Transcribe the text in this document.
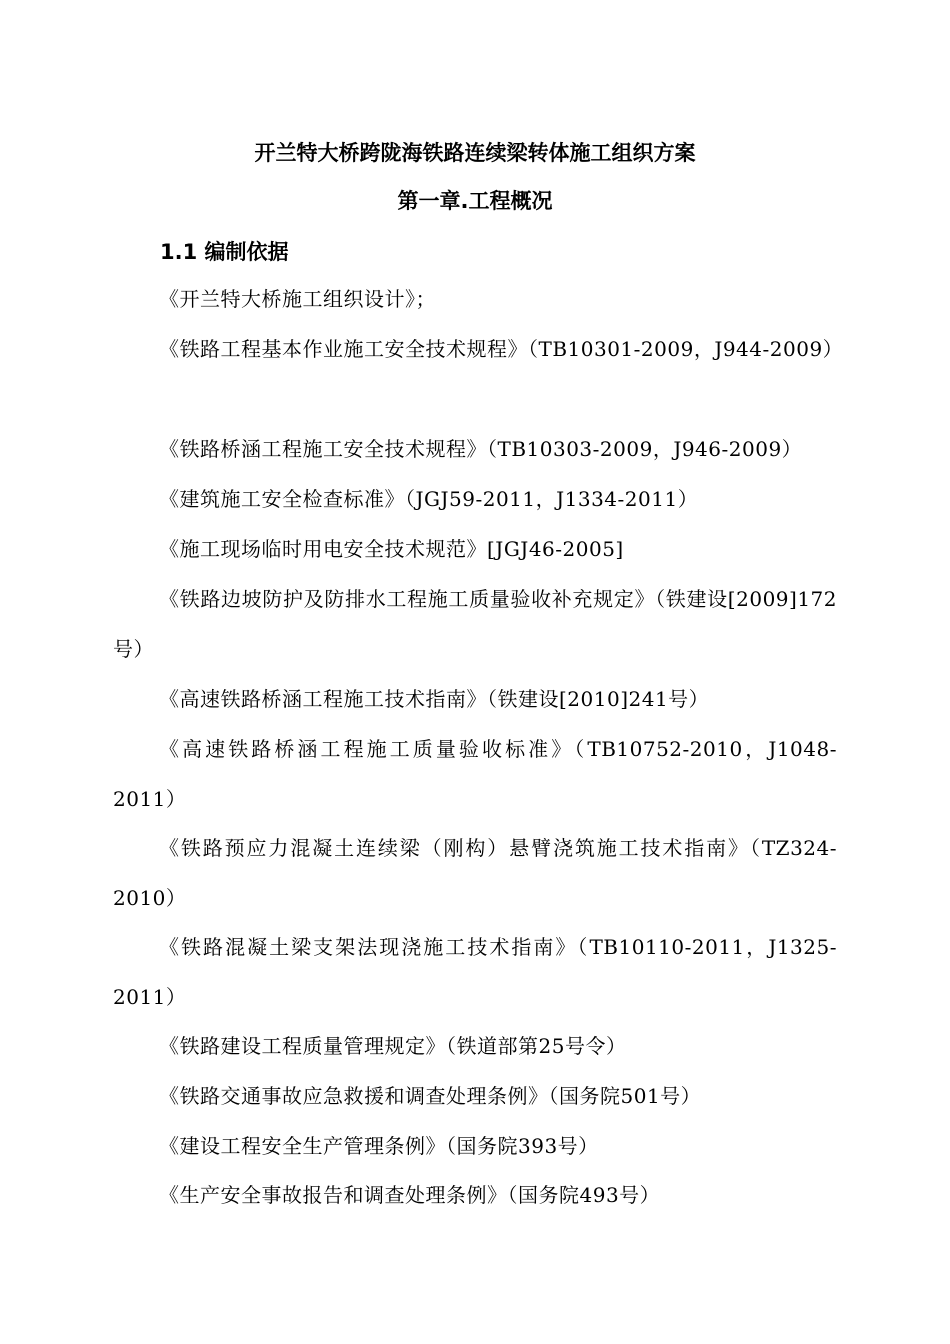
开兰特大桥跨陇海铁路连续梁转体施工组织方案
第一章.工程概况
1.1 编制依据
《开兰特大桥施工组织设计》；
《铁路工程基本作业施工安全技术规程》（TB10301-2009，J944-2009）
《铁路桥涵工程施工安全技术规程》（TB10303-2009，J946-2009）
《建筑施工安全检查标准》（JGJ59-2011，J1334-2011）
《施工现场临时用电安全技术规范》[JGJ46-2005]
《铁路边坡防护及防排水工程施工质量验收补充规定》（铁建设[2009]172号）
《高速铁路桥涵工程施工技术指南》（铁建设[2010]241号）
《高速铁路桥涵工程施工质量验收标准》（TB10752-2010，J1048-2011）
《铁路预应力混凝土连续梁（刚构）悬臂浇筑施工技术指南》（TZ324-2010）
《铁路混凝土梁支架法现浇施工技术指南》（TB10110-2011，J1325-2011）
《铁路建设工程质量管理规定》（铁道部第25号令）
《铁路交通事故应急救援和调查处理条例》（国务院501号）
《建设工程安全生产管理条例》（国务院393号）
《生产安全事故报告和调查处理条例》（国务院493号）
